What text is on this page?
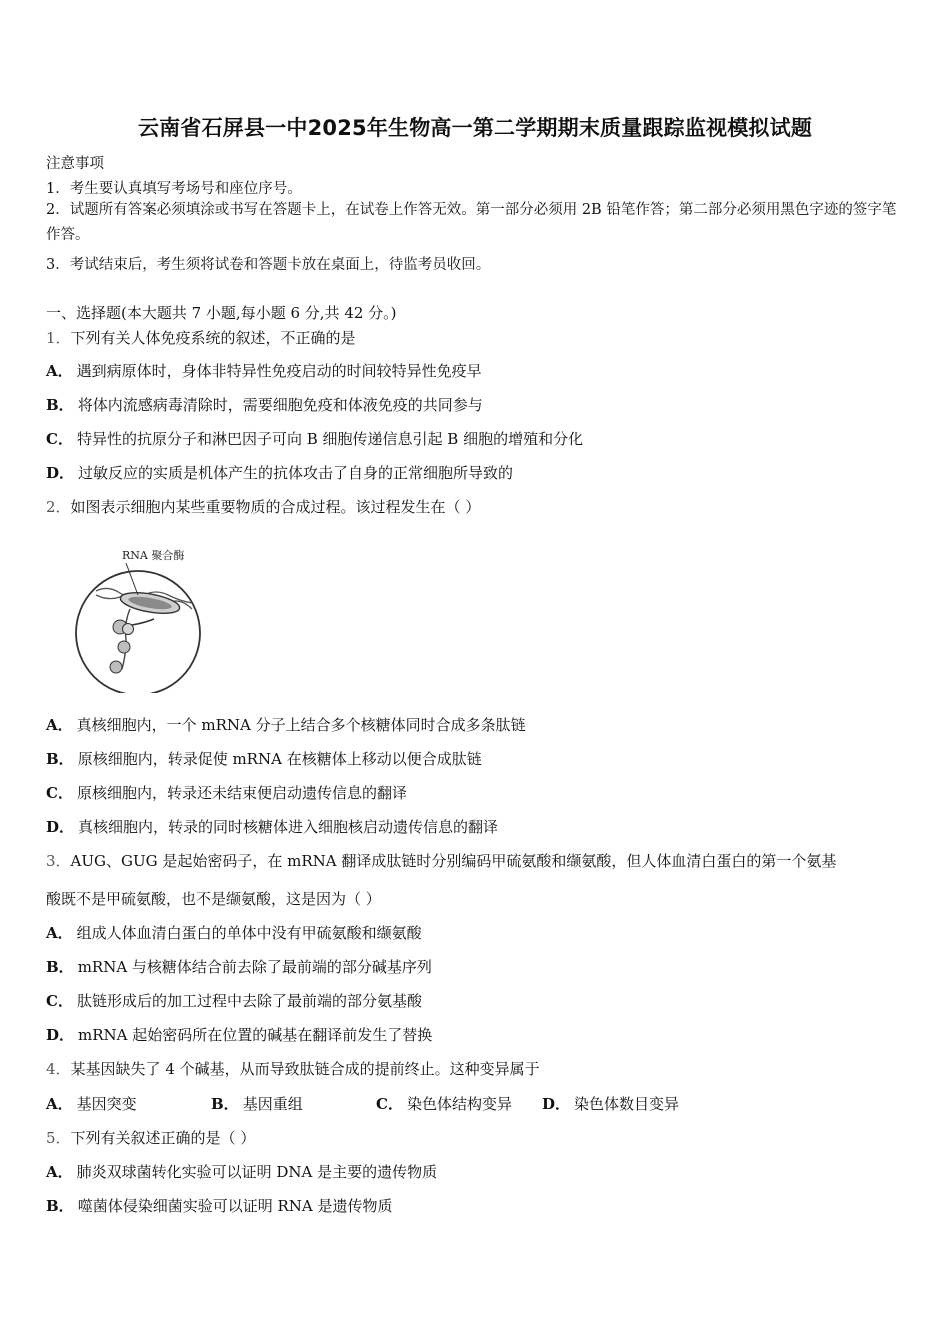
云南省石屏县一中2025年生物高一第二学期期末质量跟踪监视模拟试题
注意事项
1．考生要认真填写考场号和座位序号。
2．试题所有答案必须填涂或书写在答题卡上，在试卷上作答无效。第一部分必须用 2B 铅笔作答；第二部分必须用黑色字迹的签字笔作答。
3．考试结束后，考生须将试卷和答题卡放在桌面上，待监考员收回。
一、选择题(本大题共 7 小题,每小题 6 分,共 42 分。)
1．下列有关人体免疫系统的叙述，不正确的是
A． 遇到病原体时，身体非特异性免疫启动的时间较特异性免疫早
B． 将体内流感病毒清除时，需要细胞免疫和体液免疫的共同参与
C． 特异性的抗原分子和淋巴因子可向 B 细胞传递信息引起 B 细胞的增殖和分化
D． 过敏反应的实质是机体产生的抗体攻击了自身的正常细胞所导致的
2．如图表示细胞内某些重要物质的合成过程。该过程发生在（ ）
RNA 聚合酶
A． 真核细胞内，一个 mRNA 分子上结合多个核糖体同时合成多条肽链
B． 原核细胞内，转录促使 mRNA 在核糖体上移动以便合成肽链
C． 原核细胞内，转录还未结束便启动遗传信息的翻译
D． 真核细胞内，转录的同时核糖体进入细胞核启动遗传信息的翻译
3．AUG、GUG 是起始密码子，在 mRNA 翻译成肽链时分别编码甲硫氨酸和缬氨酸，但人体血清白蛋白的第一个氨基
酸既不是甲硫氨酸，也不是缬氨酸，这是因为（ ）
A． 组成人体血清白蛋白的单体中没有甲硫氨酸和缬氨酸
B． mRNA 与核糖体结合前去除了最前端的部分碱基序列
C． 肽链形成后的加工过程中去除了最前端的部分氨基酸
D． mRNA 起始密码所在位置的碱基在翻译前发生了替换
4．某基因缺失了 4 个碱基，从而导致肽链合成的提前终止。这种变异属于
A． 基因突变	B． 基因重组	C． 染色体结构变异 D． 染色体数目变异
5．下列有关叙述正确的是（ ）
A． 肺炎双球菌转化实验可以证明 DNA 是主要的遗传物质
B． 噬菌体侵染细菌实验可以证明 RNA 是遗传物质
